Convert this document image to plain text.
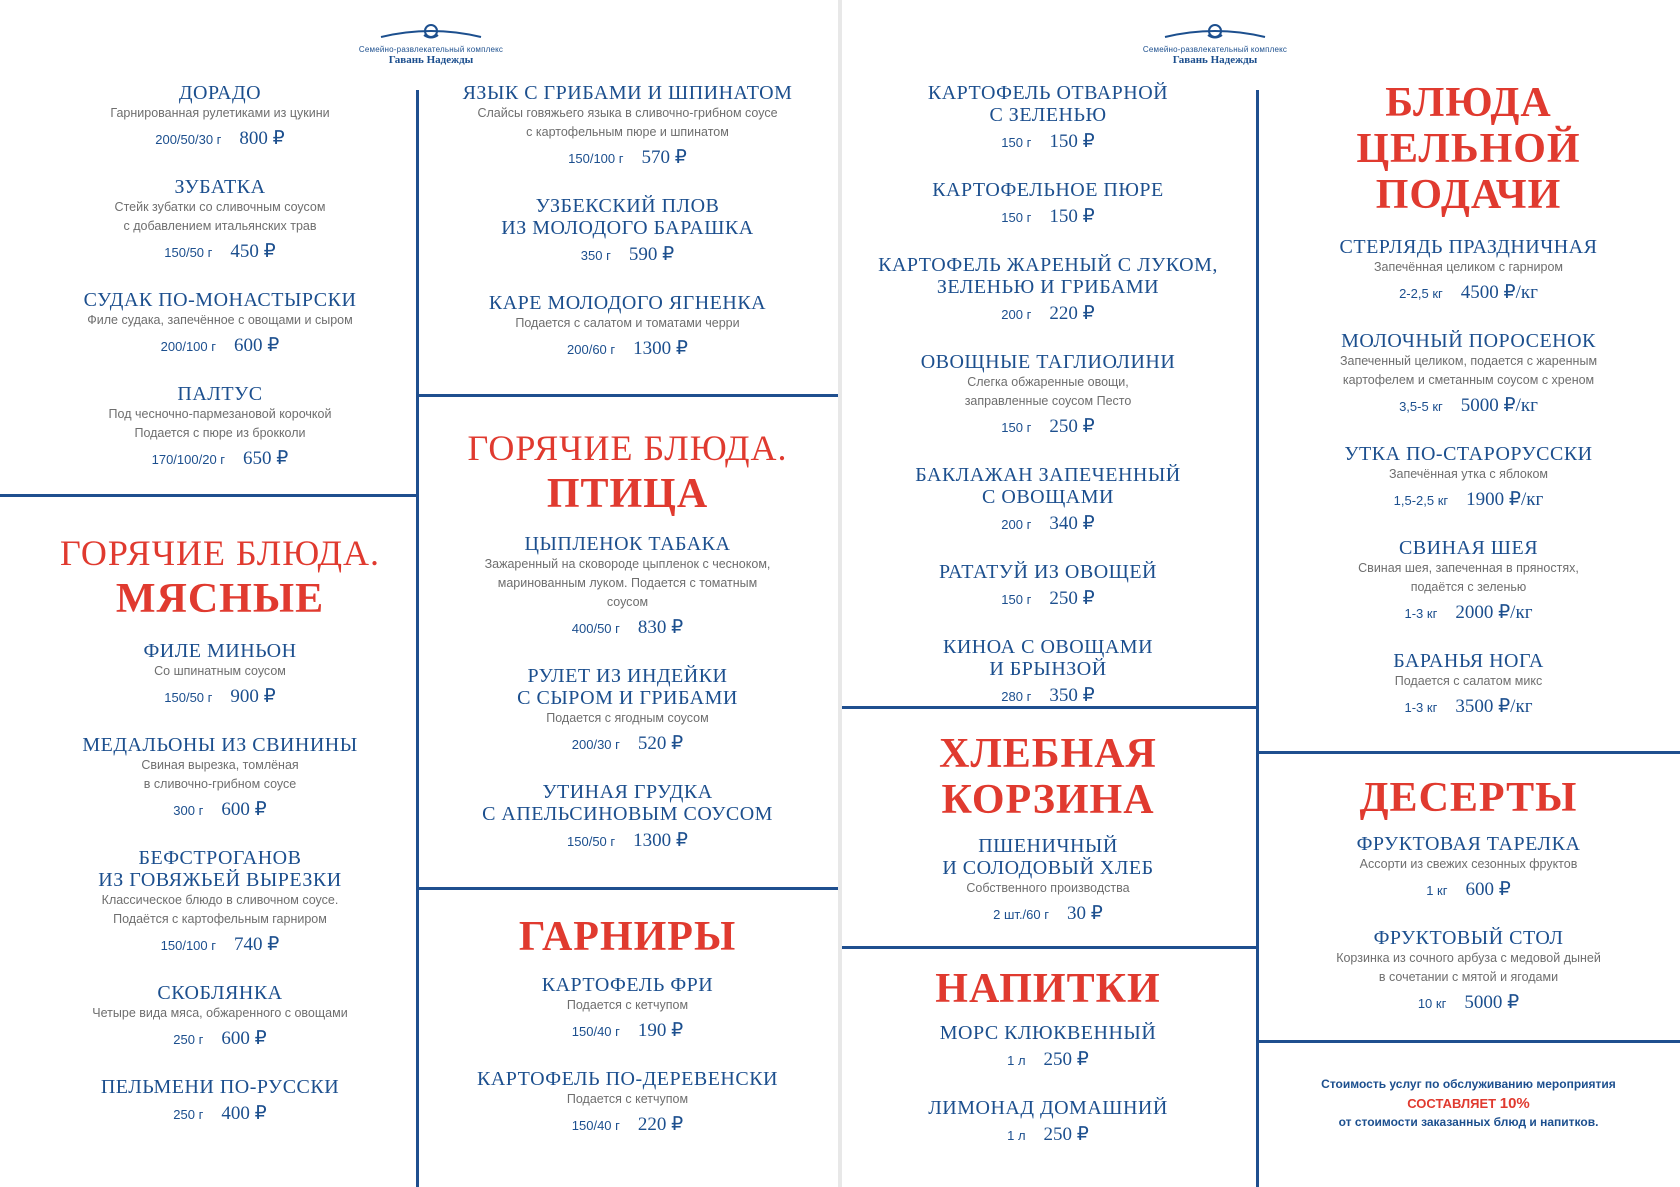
Семейно-развлекательный комплекс
Гавань Надежды
ДОРАДО
Гарнированная рулетиками из цукини
200/50/30 г 800 ₽
ЗУБАТКА
Стейк зубатки со сливочным соусом
с добавлением итальянских трав
150/50 г 450 ₽
СУДАК ПО-МОНАСТЫРСКИ
Филе судака, запечённое с овощами и сыром
200/100 г 600 ₽
ПАЛТУС
Под чесночно-пармезановой корочкой
Подается с пюре из брокколи
170/100/20 г 650 ₽
ГОРЯЧИЕ БЛЮДА.
МЯСНЫЕ
ФИЛЕ МИНЬОН
Со шпинатным соусом
150/50 г 900 ₽
МЕДАЛЬОНЫ ИЗ СВИНИНЫ
Свиная вырезка, томлёная
в сливочно-грибном соусе
300 г 600 ₽
БЕФСТРОГАНОВ
ИЗ ГОВЯЖЬЕЙ ВЫРЕЗКИ
Классическое блюдо в сливочном соусе.
Подаётся с картофельным гарниром
150/100 г 740 ₽
СКОБЛЯНКА
Четыре вида мяса, обжаренного с овощами
250 г 600 ₽
ПЕЛЬМЕНИ ПО-РУССКИ
250 г 400 ₽
ЯЗЫК С ГРИБАМИ И ШПИНАТОМ
Слайсы говяжьего языка в сливочно-грибном соусе
с картофельным пюре и шпинатом
150/100 г 570 ₽
УЗБЕКСКИЙ ПЛОВ
ИЗ МОЛОДОГО БАРАШКА
350 г 590 ₽
КАРЕ МОЛОДОГО ЯГНЕНКА
Подается с салатом и томатами черри
200/60 г 1300 ₽
ГОРЯЧИЕ БЛЮДА.
ПТИЦА
ЦЫПЛЕНОК ТАБАКА
Зажаренный на сковороде цыпленок с чесноком,
маринованным луком. Подается с томатным
соусом
400/50 г 830 ₽
РУЛЕТ ИЗ ИНДЕЙКИ
С СЫРОМ И ГРИБАМИ
Подается с ягодным соусом
200/30 г 520 ₽
УТИНАЯ ГРУДКА
С АПЕЛЬСИНОВЫМ СОУСОМ
150/50 г 1300 ₽
ГАРНИРЫ
КАРТОФЕЛЬ ФРИ
Подается с кетчупом
150/40 г 190 ₽
КАРТОФЕЛЬ ПО-ДЕРЕВЕНСКИ
Подается с кетчупом
150/40 г 220 ₽
Семейно-развлекательный комплекс
Гавань Надежды
КАРТОФЕЛЬ ОТВАРНОЙ
С ЗЕЛЕНЬЮ
150 г 150 ₽
КАРТОФЕЛЬНОЕ ПЮРЕ
150 г 150 ₽
КАРТОФЕЛЬ ЖАРЕНЫЙ С ЛУКОМ,
ЗЕЛЕНЬЮ И ГРИБАМИ
200 г 220 ₽
ОВОЩНЫЕ ТАГЛИОЛИНИ
Слегка обжаренные овощи,
заправленные соусом Песто
150 г 250 ₽
БАКЛАЖАН ЗАПЕЧЕННЫЙ
С ОВОЩАМИ
200 г 340 ₽
РАТАТУЙ ИЗ ОВОЩЕЙ
150 г 250 ₽
КИНОА С ОВОЩАМИ
И БРЫНЗОЙ
280 г 350 ₽
ХЛЕБНАЯ
КОРЗИНА
ПШЕНИЧНЫЙ
И СОЛОДОВЫЙ ХЛЕБ
Собственного производства
2 шт./60 г 30 ₽
НАПИТКИ
МОРС КЛЮКВЕННЫЙ
1 л 250 ₽
ЛИМОНАД ДОМАШНИЙ
1 л 250 ₽
БЛЮДА
ЦЕЛЬНОЙ
ПОДАЧИ
СТЕРЛЯДЬ ПРАЗДНИЧНАЯ
Запечённая целиком с гарниром
2-2,5 кг 4500 ₽/кг
МОЛОЧНЫЙ ПОРОСЕНОК
Запеченный целиком, подается с жаренным
картофелем и сметанным соусом с хреном
3,5-5 кг 5000 ₽/кг
УТКА ПО-СТАРОРУССКИ
Запечённая утка с яблоком
1,5-2,5 кг 1900 ₽/кг
СВИНАЯ ШЕЯ
Свиная шея, запеченная в пряностях,
подаётся с зеленью
1-3 кг 2000 ₽/кг
БАРАНЬЯ НОГА
Подается с салатом микс
1-3 кг 3500 ₽/кг
ДЕСЕРТЫ
ФРУКТОВАЯ ТАРЕЛКА
Ассорти из свежих сезонных фруктов
1 кг 600 ₽
ФРУКТОВЫЙ СТОЛ
Корзинка из сочного арбуза с медовой дыней
в сочетании с мятой и ягодами
10 кг 5000 ₽
Стоимость услуг по обслуживанию мероприятия
СОСТАВЛЯЕТ 10%
от стоимости заказанных блюд и напитков.
